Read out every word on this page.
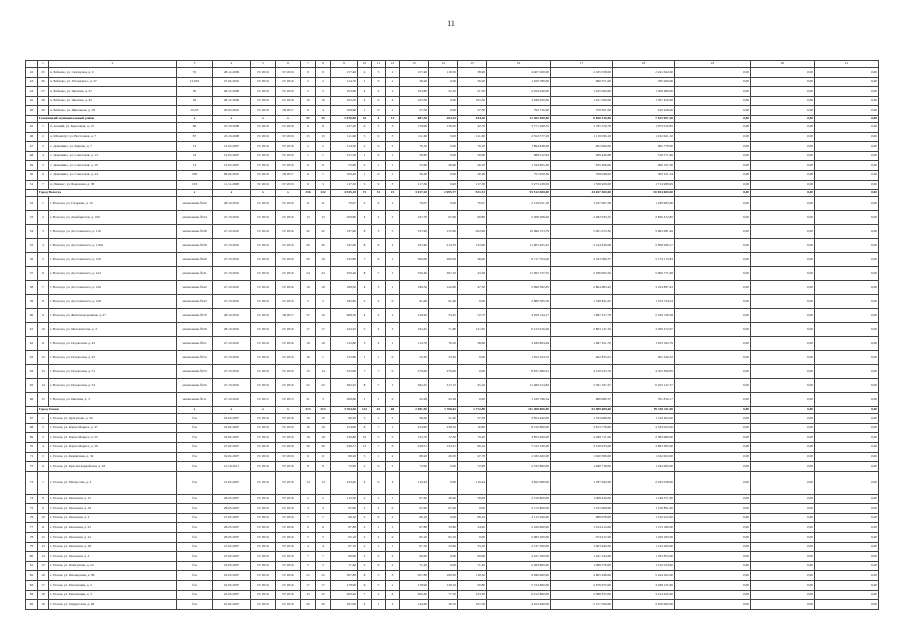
11
	1	2	3	4	5	6	7	8	9	10	11	12	13	14	15	16	17	18	19	20	21
42	25	п. Бабаево, ул. Складская, д. 9	35	28.12.2009	IV 2016	IV 2016	9	9	157,40	4	3	1	157,40	118,50	38,90	4 407 200,00	2 165 558,00	2 241 642,00	0,00	0,00	0,00
43	26	п. Бабаево, ул. Ухтомского, д. 37	13-001	27.04.2010	IV 2016	IV 2016	2	2	114,70	1	0	1	39,20	0,00	39,20	1 450 780,00	690 571,00	760 209,00	0,00	0,00	0,00
44	27	п. Бабаево, ул. Чкалова, д. 27	30	28.12.2009	IV 2016	IV 2016	5	5	103,60	4	2	2	103,60	52,10	51,50	2 934 040,00	1 425 560,00	1 508 480,00	0,00	0,00	0,00
45	28	п. Бабаево, ул. Чкалова, д. 45	29	28.12.2009	IV 2016	IV 2016	10	10	105,50	4	0	4	105,50	0,00	105,50	3 048 950,00	1 451 500,00	1 597 450,00	0,00	0,00	0,00
46	29	п. Бабаево, ул. Школьная, д. 18	19-03	20.03.2010	IV 2016	III 2017	9	4	108,60	1	0	1	27,50	0,00	27,50	794 750,00	378 301,00	416 449,00	0,00	0,00	0,00
	Головицкий муниципальный район		х	х	х	х	47	35	1 076,00	16	4	12	687,30	263,35	444,20	11 365 500,00	6 830 510,00	7 525 997,26	0,00	0,00	0,00
45	1	п. Азовий, ул. Березовая, д. 13	86	23.10.2008	IV 2016	IV 2016	8	8	227,20	6	3	3	178,90	136,20	42,70	3 771 290,55	1 795 379,70	1 975 910,85	0,00	0,00	0,00
46	2	д. Штаннтуг, ул. Восточная, д. 7	87	23.10.2008	IV 2016	IV 2016	15	15	111,60	3	0	3	111,60	0,00	111,60	2 352 577,20	1 119 956,10	1 232 621,10	0,00	0,00	0,00
47	3	с. Доманино, ул. Кирова, д. 7	15	12.03.2007	IV 2016	IV 2016	2	2	314,50	2	0	2	76,10	0,00	76,10	1 894 838,00	902 060,00	992 778,00	0,00	0,00	0,00
48	4	с. Доманино, ул. Советская, д. 13	16	12.03.2007	IV 2016	IV 2016	1	1	151,50	1	0	1	39,60	0,00	39,60	986 012,94	469 440,98	516 571,96	0,00	0,00	0,00
49	5	с. Доманино, ул. Советская, д. 19	14	12.03.2007	IV 2016	IV 2016	6	6	53,60	2	1	1	53,60	26,90	26,70	1 334 605,36	635 406,00	699 197,36	0,00	0,00	0,00
50	6	с. Доманино, ул. Советская, д. 24	258	09.04.2010	IV 2016	III 2017	6	1	100,40	1	0	1	30,20	0,00	30,20	751 959,36	358 048,02	393 911,34	0,00	0,00	0,00
51	7	п. Пимнас, ул. Березовая, д. 38	103	11.11.2008	IV 2016	IV 2016	6	3	117,30	3	0	3	117,30	0,00	117,30	3 273 228,65	1 558 260,00	1 714 968,65	0,00	0,00	0,00
	Город Вологда		х	х	х	х	336	232	4 525,18	72	51	21	3 017,20	2 095,77	921,53	95 512 000,00	44 657 400,00	50 854 600,00	0,00	0,00	0,00
52	1	г. Вологда, ул. Гагарина, д. 10	заключение №22	28.10.2010	IV 2016	IV 2016	11	11	70,07	2	0	2	70,07	0,00	70,07	2 218 051,18	1 037 067,58	1 180 983,60	0,00	0,00	0,00
53	2	г. Вологда, ул. Декабристов, д. 100	заключение №24	27.10.2010	IV 2016	IV 2016	13	13	209,80	4	2	2	167,70	67,90	99,80	5 308 508,40	2 482 035,55	2 826 472,85	0,00	0,00	0,00
54	3	г. Вологда, ул. Достоевского, д. 118	заключение №38	27.10.2010	IV 2016	IV 2016	32	32	337,90	8	3	5	337,90	135,00	202,90	10 696 153,79	5 001 072,30	5 695 081,49	0,00	0,00	0,00
55	4	г. Вологда, ул. Достоевского, д. 118А	заключение №39	27.10.2010	IV 2016	IV 2016	30	30	347,60	8	6	2	347,60	214,70	132,90	11 003 205,25	5 144 636,08	5 858 569,17	0,00	0,00	0,00
56	5	г. Вологда, ул. Достоевского, д. 120	заключение №40	27.10.2010	IV 2016	IV 2016	20	19	345,89	7	6	1	306,09	260,09	46,00	9 717 704,20	4 543 580,37	5 174 113,83	0,00	0,00	0,00
57	6	г. Вологда, ул. Достоевского, д. 122	заключение №41	27.10.2010	IV 2016	IV 2016	24	24	350,46	8	7	1	350,46	307,10	43,36	11 093 737,55	5 186 965,56	5 906 771,99	0,00	0,00	0,00
58	7	г. Вологда, ул. Достоевского, д. 126	заключение №42	27.10.2010	IV 2016	IV 2016	19	19	189,50	4	3	1	189,50	142,00	47,50	5 998 582,85	2 804 685,42	3 193 897,43	0,00	0,00	0,00
59	8	г. Вологда, ул. Достоевского, д. 128	заключение №43	27.10.2010	IV 2016	IV 2016	5	5	182,85	2	2	0	91,00	91,00	0,00	2 880 585,59	1 346 841,05	1 533 744,54	0,00	0,00	0,00
60	9	г. Вологда, ул. Железнодорожная, д. 27	заключение №70	28.10.2010	IV 2016	III 2017	37	10	608,30	4	2	2	128,20	55,45	72,75	4 058 144,17	1 897 417,79	2 160 726,38	0,00	0,00	0,00
61	10	г. Вологда, ул. Металлистов, д. 4	заключение №50	28.10.2010	IV 2016	IV 2016	17	17	222,25	5	2	3	193,45	71,80	121,65	6 123 619,26	2 863 147,19	3 260 472,07	0,00	0,00	0,00
62	11	г. Вологда, ул. Подлесная, д. 45	заключение №51	27.10.2010	IV 2016	IV 2016	19	16	132,80	3	2	1	114,70	76,10	38,60	3 630 804,49	1 697 611,70	1 933 192,79	0,00	0,00	0,00
63	12	г. Вологда, ул. Подлесная, д. 45	заключение №52	27.10.2010	IV 2016	IV 2016	16	1	155,80	1	1	0	33,30	33,30	0,00	1 054 104,55	492 855,01	561 249,52	0,00	0,00	0,00
64	13	г. Вологда, ул. Подлесная, д. 51	заключение №53	27.10.2010	IV 2016	IV 2016	15	14	322,90	7	7	0	279,00	279,00	0,00	8 831 680,61	4 129 325,76	4 702 360,85	0,00	0,00	0,00
65	14	г. Вологда, ул. Подлесная, д. 53	заключение №45	27.10.2010	IV 2016	IV 2016	22	22	362,25	8	7	1	362,25	317,15	45,10	11 466 314,84	5 361 167,27	6 105 147,57	0,00	0,00	0,00
66	15	г. Вологда, ул. Цветная, д. 3	заключение №11	27.10.2010	IV 2015	IV 2015	31	3	369,86	1	1	0	45,28	45,28	0,00	1 430 796,54	668 980,37	761 816,17	0,00	0,00	0,00
	Город Глазов		х	х	х	х	313	313	3 764,56	122	62	60	2 481,50	1 708,62	1 772,88	111 408 000,00	52 089 689,00	59 318 311,00	0,00	0,00	0,00
67	1	г. Глазов, ул. Драгунова, д. 56	б/н	19.03.2007	IV 2016	IV 2016	10	10	99,20	3	1	2	99,20	51,90	57,30	2 854 400,00	1 334 998,00	1 519 402,00	0,00	0,00	0,00
68	2	г. Глазов, ул. Карла Маркса, д. 47	б/н	19.02.2007	IV 2016	IV 2016	16	16	254,90	8	7	1	254,90	238,10	16,80	8 156 800,00	3 813 778,00	4 343 022,00	0,00	0,00	0,00
69	3	г. Глазов, ул. Карла Маркса, д. 55	б/н	19.02.2007	IV 2016	IV 2016	19	19	229,80	10	5	5	152,70	72,30	79,40	4 854 400,00	2 269 711,00	2 584 689,00	0,00	0,00	0,00
70	4	г. Глазов, ул. Карла Маркса, д. 59	б/н	27.02.2007	IV 2016	IV 2016	30	30	228,51	13	7	6	228,51	132,27	96,24	7 312 320,00	3 418 935,00	3 893 385,00	0,00	0,00	0,00
71	5	г. Глазов, ул. Кирпичная, д. 34	б/н	19.02.2007	IV 2016	IV 2016	6	6	68,20	3	1	2	68,20	20,50	47,70	2 182 400,00	1 020 398,00	1 162 002,00	0,00	0,00	0,00
72	6	г. Глазов, ул. Красногвардейская, д. 63	б/н	12.10.2011	IV 2016	IV 2016	8	8	72,90	2	0	2	72,90	0,00	72,90	2 332 800,00	1 090 718,00	1 242 082,00	0,00	0,00	0,00
73	7	г. Глазов, ул. Матросова, д. 4	б/н	15.02.2007	IV 2016	IV 2016	14	14	223,40	4	0	4	119,44	0,00	119,44	3 822 080,00	1 787 042,00	2 035 038,00	0,00	0,00	0,00
74	8	г. Глазов, ул. Окольная, д. 15	б/н	29.03.2007	IV 2016	IV 2016	2	2	112,50	2	1	1	67,40	28,40	39,00	2 156 800,00	1 008 429,00	1 148 371,00	0,00	0,00	0,00
75	9	г. Глазов, ул. Окольная, д. 16	б/н	29.03.2007	IV 2016	IV 2016	4	4	67,90	2	2	0	67,90	67,90	0,00	2 172 800,00	1 015 909,00	1 156 891,00	0,00	0,00	0,00
76	10	г. Глазов, ул. Окольная, д. 2	б/н	27.02.2007	IV 2016	IV 2016	7	7	66,10	2	0	2	66,10	0,00	66,10	2 115 200,00	988 978,00	1 126 222,00	0,00	0,00	0,00
77	11	г. Глазов, ул. Окольная, д. 25	б/н	29.03.2007	IV 2016	IV 2016	6	6	67,80	2	1	1	67,80	33,80	34,00	2 169 600,00	1 014 414,00	1 155 186,00	0,00	0,00	0,00
78	12	г. Глазов, ул. Окольная, д. 22	б/н	29.03.2007	IV 2016	IV 2016	5	5	65,10	2	2	0	65,10	65,10	0,00	2 083 200,00	974 017,00	1 109 183,00	0,00	0,00	0,00
79	13	г. Глазов, ул. Окольная, д. 28	б/н	27.02.2007	IV 2016	IV 2016	4	4	67,10	2	1	1	67,10	33,60	33,50	2 147 200,00	1 003 940,00	1 143 260,00	0,00	0,00	0,00
80	14	г. Глазов, ул. Окольная, д. 3	б/н	27.02.2007	IV 2016	IV 2016	7	7	69,60	2	0	2	69,60	0,00	69,60	2 227 200,00	1 041 345,00	1 185 855,00	0,00	0,00	0,00
81	15	г. Глазов, ул. Пашгунова, д. 24	б/н	19.03.2007	IV 2016	IV 2016	5	5	71,40	2	0	2	71,40	0,00	71,40	2 284 800,00	1 068 276,00	1 216 524,00	0,00	0,00	0,00
82	16	г. Глазов, ул. Пионерская, д. 89	б/н	19.03.2007	IV 2016	IV 2016	25	25	307,80	8	5	3	307,80	189,30	118,50	9 849 600,00	4 605 298,00	5 244 302,00	0,00	0,00	0,00
83	17	г. Глазов, ул. Революции, д. 2	б/н	19.03.2007	IV 2016	IV 2016	17	17	178,90	6	5	1	178,90	128,10	50,80	5 724 800,00	2 676 675,00	3 048 125,00	0,00	0,00	0,00
84	18	г. Глазов, ул. Революции, д. 3	б/н	22.03.2007	IV 2016	IV 2016	13	15	200,40	7	2	4	200,40	77,10	123,30	6 412 800,00	2 998 355,00	3 414 445,00	0,00	0,00	0,00
85	19	г. Глазов, ул. Удмуртская, д. 48	б/н	01.02.2007	IV 2016	IV 2016	20	20	181,00	4	1	3	144,20	36,70	107,50	4 614 400,00	2 157 500,00	2 456 900,00	0,00	0,00	0,00
